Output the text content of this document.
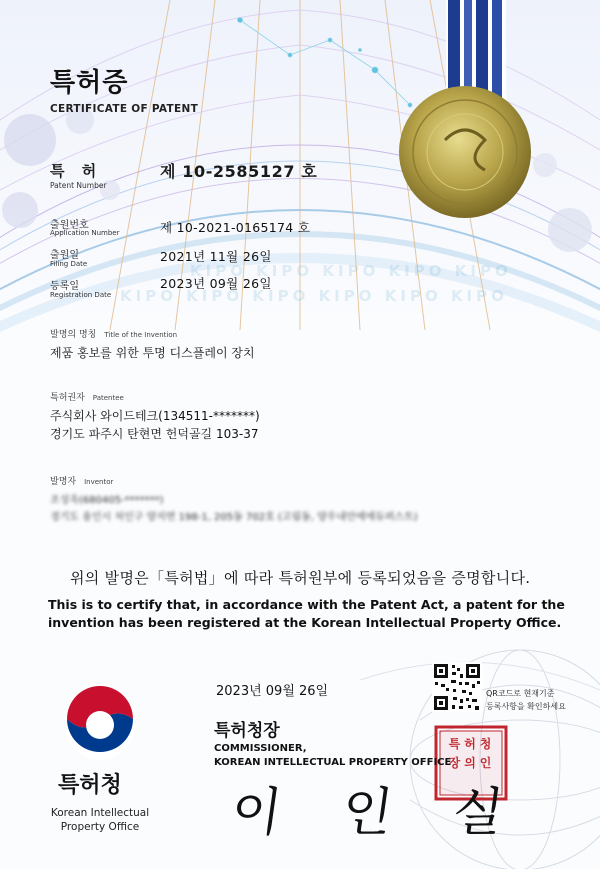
KIPO KIPO KIPO KIPO KIPO
KIPO KIPO KIPO KIPO KIPO KIPO
특허증
CERTIFICATE OF PATENT
특 허
Patent Number
제 10-2585127 호
출원번호
Application Number	제 10-2021-0165174 호
출원일
Filing Date	2021년 11월 26일
등록일
Registration Date
2023년 09월 26일
발명의 명칭 Title of the Invention
제품 홍보를 위한 투명 디스플레이 장치
특허권자 Patentee
주식회사 와이드테크(134511-*******)
경기도 파주시 탄현면 헌덕골길 103-37
발명자 Inventor
조성욱(680405-*******)
경기도 용인시 처인구 양지면 198-1, 205동 702호 (고림동, 양우내안에에듀퍼스트)
위의 발명은「특허법」에 따라 특허원부에 등록되었음을 증명합니다.
This is to certify that, in accordance with the Patent Act, a patent for the
invention has been registered at the Korean Intellectual Property Office.
2023년 09월 26일
특허청장
COMMISSIONER,
KOREAN INTELLECTUAL PROPERTY OFFICE
이 인 실
특허청
Korean Intellectual Property Office
QR코드로 현재기준
등록사항을 확인하세요
특허청장의인
